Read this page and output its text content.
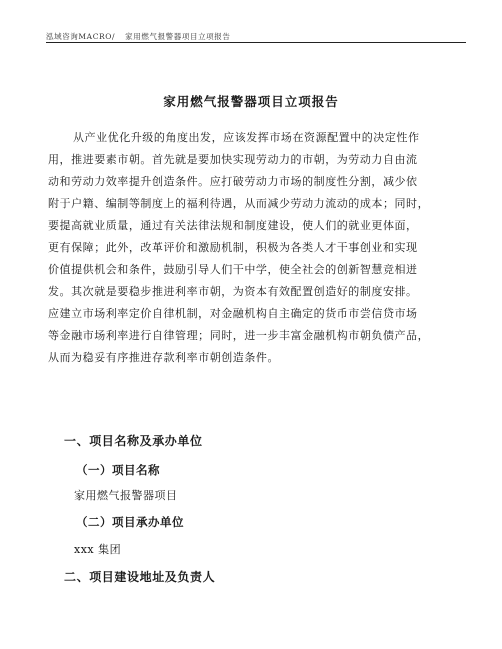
泓域咨询MACRO/ 家用燃气报警器项目立项报告
家用燃气报警器项目立项报告
从产业优化升级的角度出发，应该发挥市场在资源配置中的决定性作
用，推进要素市朝。首先就是要加快实现劳动力的市朝，为劳动力自由流
动和劳动力效率提升创造条件。应打破劳动力市场的制度性分割，减少依
附于户籍、编制等制度上的福利待遇，从而减少劳动力流动的成本；同时，
要提高就业质量，通过有关法律法规和制度建设，使人们的就业更体面，
更有保障；此外，改革评价和激励机制，积极为各类人才干事创业和实现
价值提供机会和条件，鼓励引导人们干中学，使全社会的创新智慧竞相迸
发。其次就是要稳步推进利率市朝，为资本有效配置创造好的制度安排。
应建立市场利率定价自律机制，对金融机构自主确定的货币市尝信贷市场
等金融市场利率进行自律管理；同时，进一步丰富金融机构市朝负债产品，
从而为稳妥有序推进存款利率市朝创造条件。
一、项目名称及承办单位
（一）项目名称
家用燃气报警器项目
（二）项目承办单位
xxx 集团
二、项目建设地址及负责人
